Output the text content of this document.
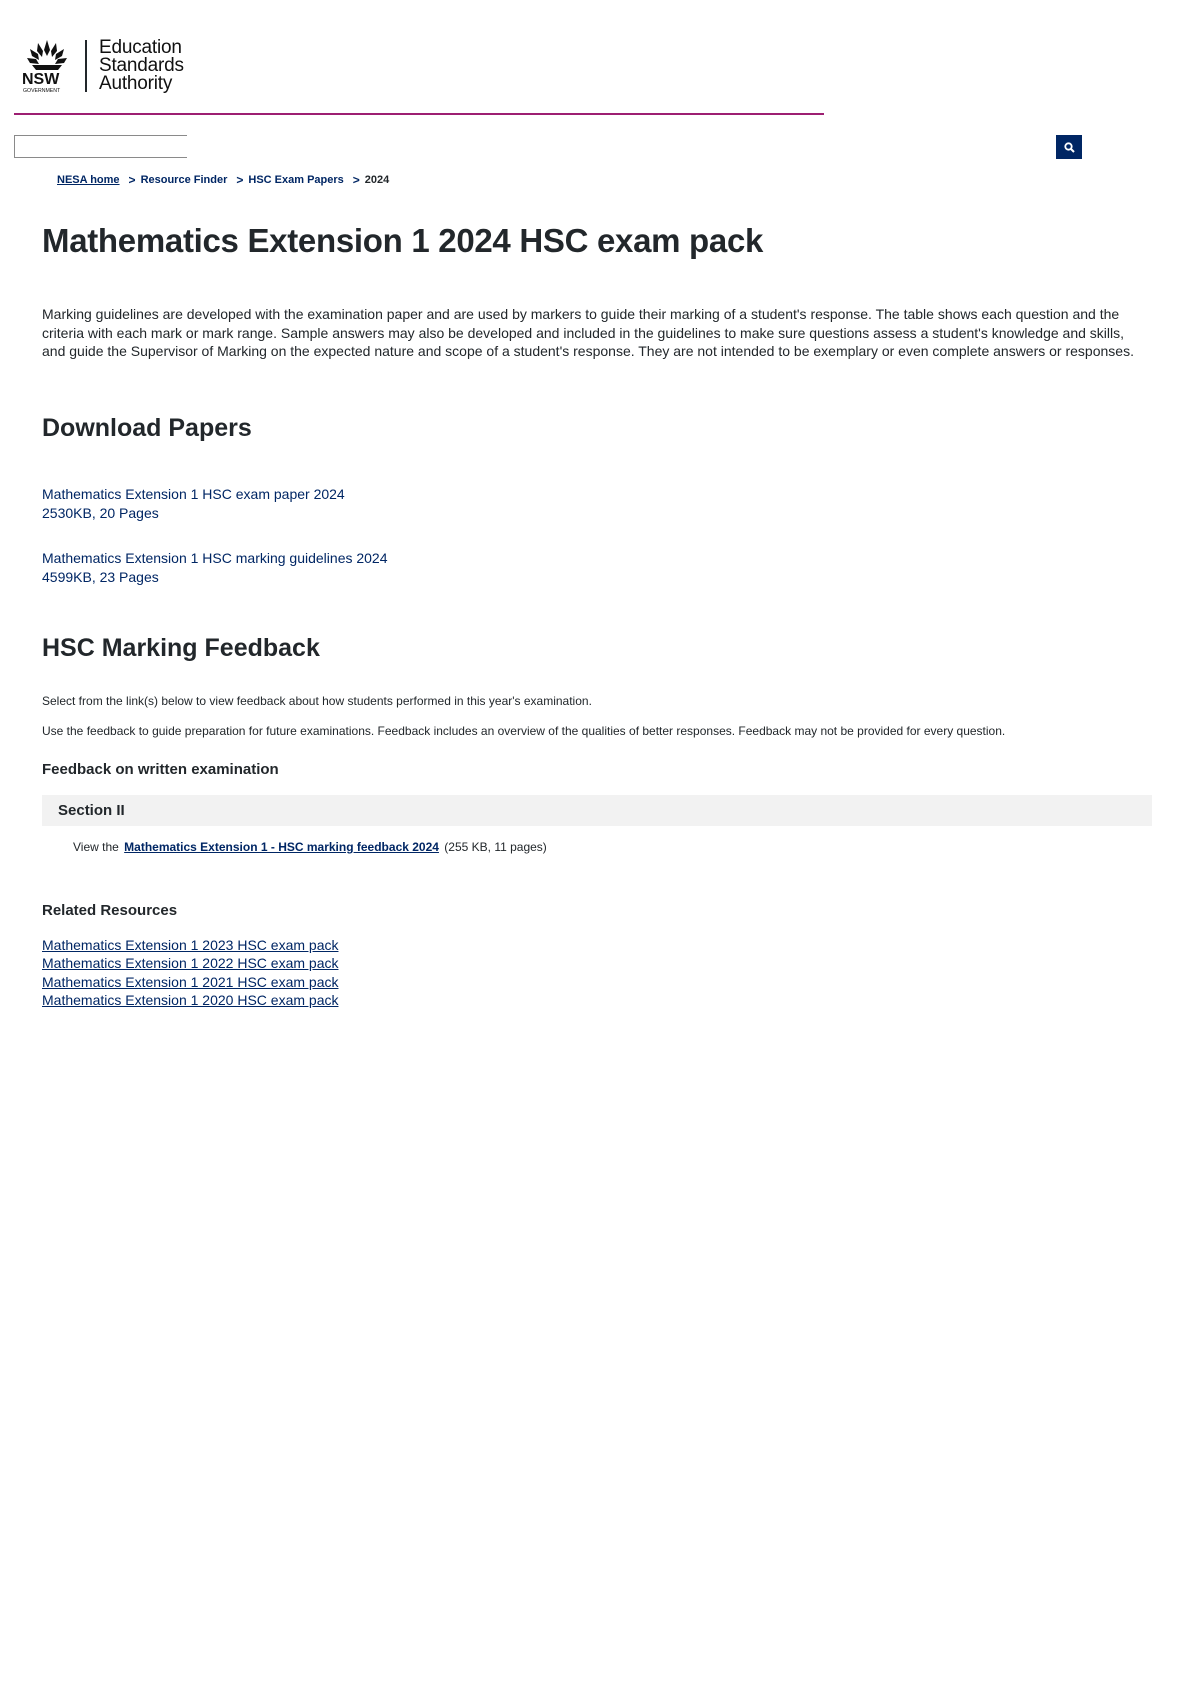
NSW
GOVERNMENT
Education
Standards
Authority
NESA home > Resource Finder > HSC Exam Papers > 2024
Mathematics Extension 1 2024 HSC exam pack

Marking guidelines are developed with the examination paper and are used by markers to guide their marking of a student's response. The table shows each question and the criteria with each mark or mark range. Sample answers may also be developed and included in the guidelines to make sure questions assess a student's knowledge and skills, and guide the Supervisor of Marking on the expected nature and scope of a student's response. They are not intended to be exemplary or even complete answers or responses.

Download Papers
Mathematics Extension 1 HSC exam paper 2024
2530KB, 20 Pages
Mathematics Extension 1 HSC marking guidelines 2024
4599KB, 23 Pages
HSC Marking Feedback

Select from the link(s) below to view feedback about how students performed in this year's examination.

Use the feedback to guide preparation for future examinations. Feedback includes an overview of the qualities of better responses. Feedback may not be provided for every question.

Feedback on written examination
Section II

View the Mathematics Extension 1 - HSC marking feedback 2024 (255 KB, 11 pages)

Related Resources
Mathematics Extension 1 2023 HSC exam pack
Mathematics Extension 1 2022 HSC exam pack
Mathematics Extension 1 2021 HSC exam pack
Mathematics Extension 1 2020 HSC exam pack
